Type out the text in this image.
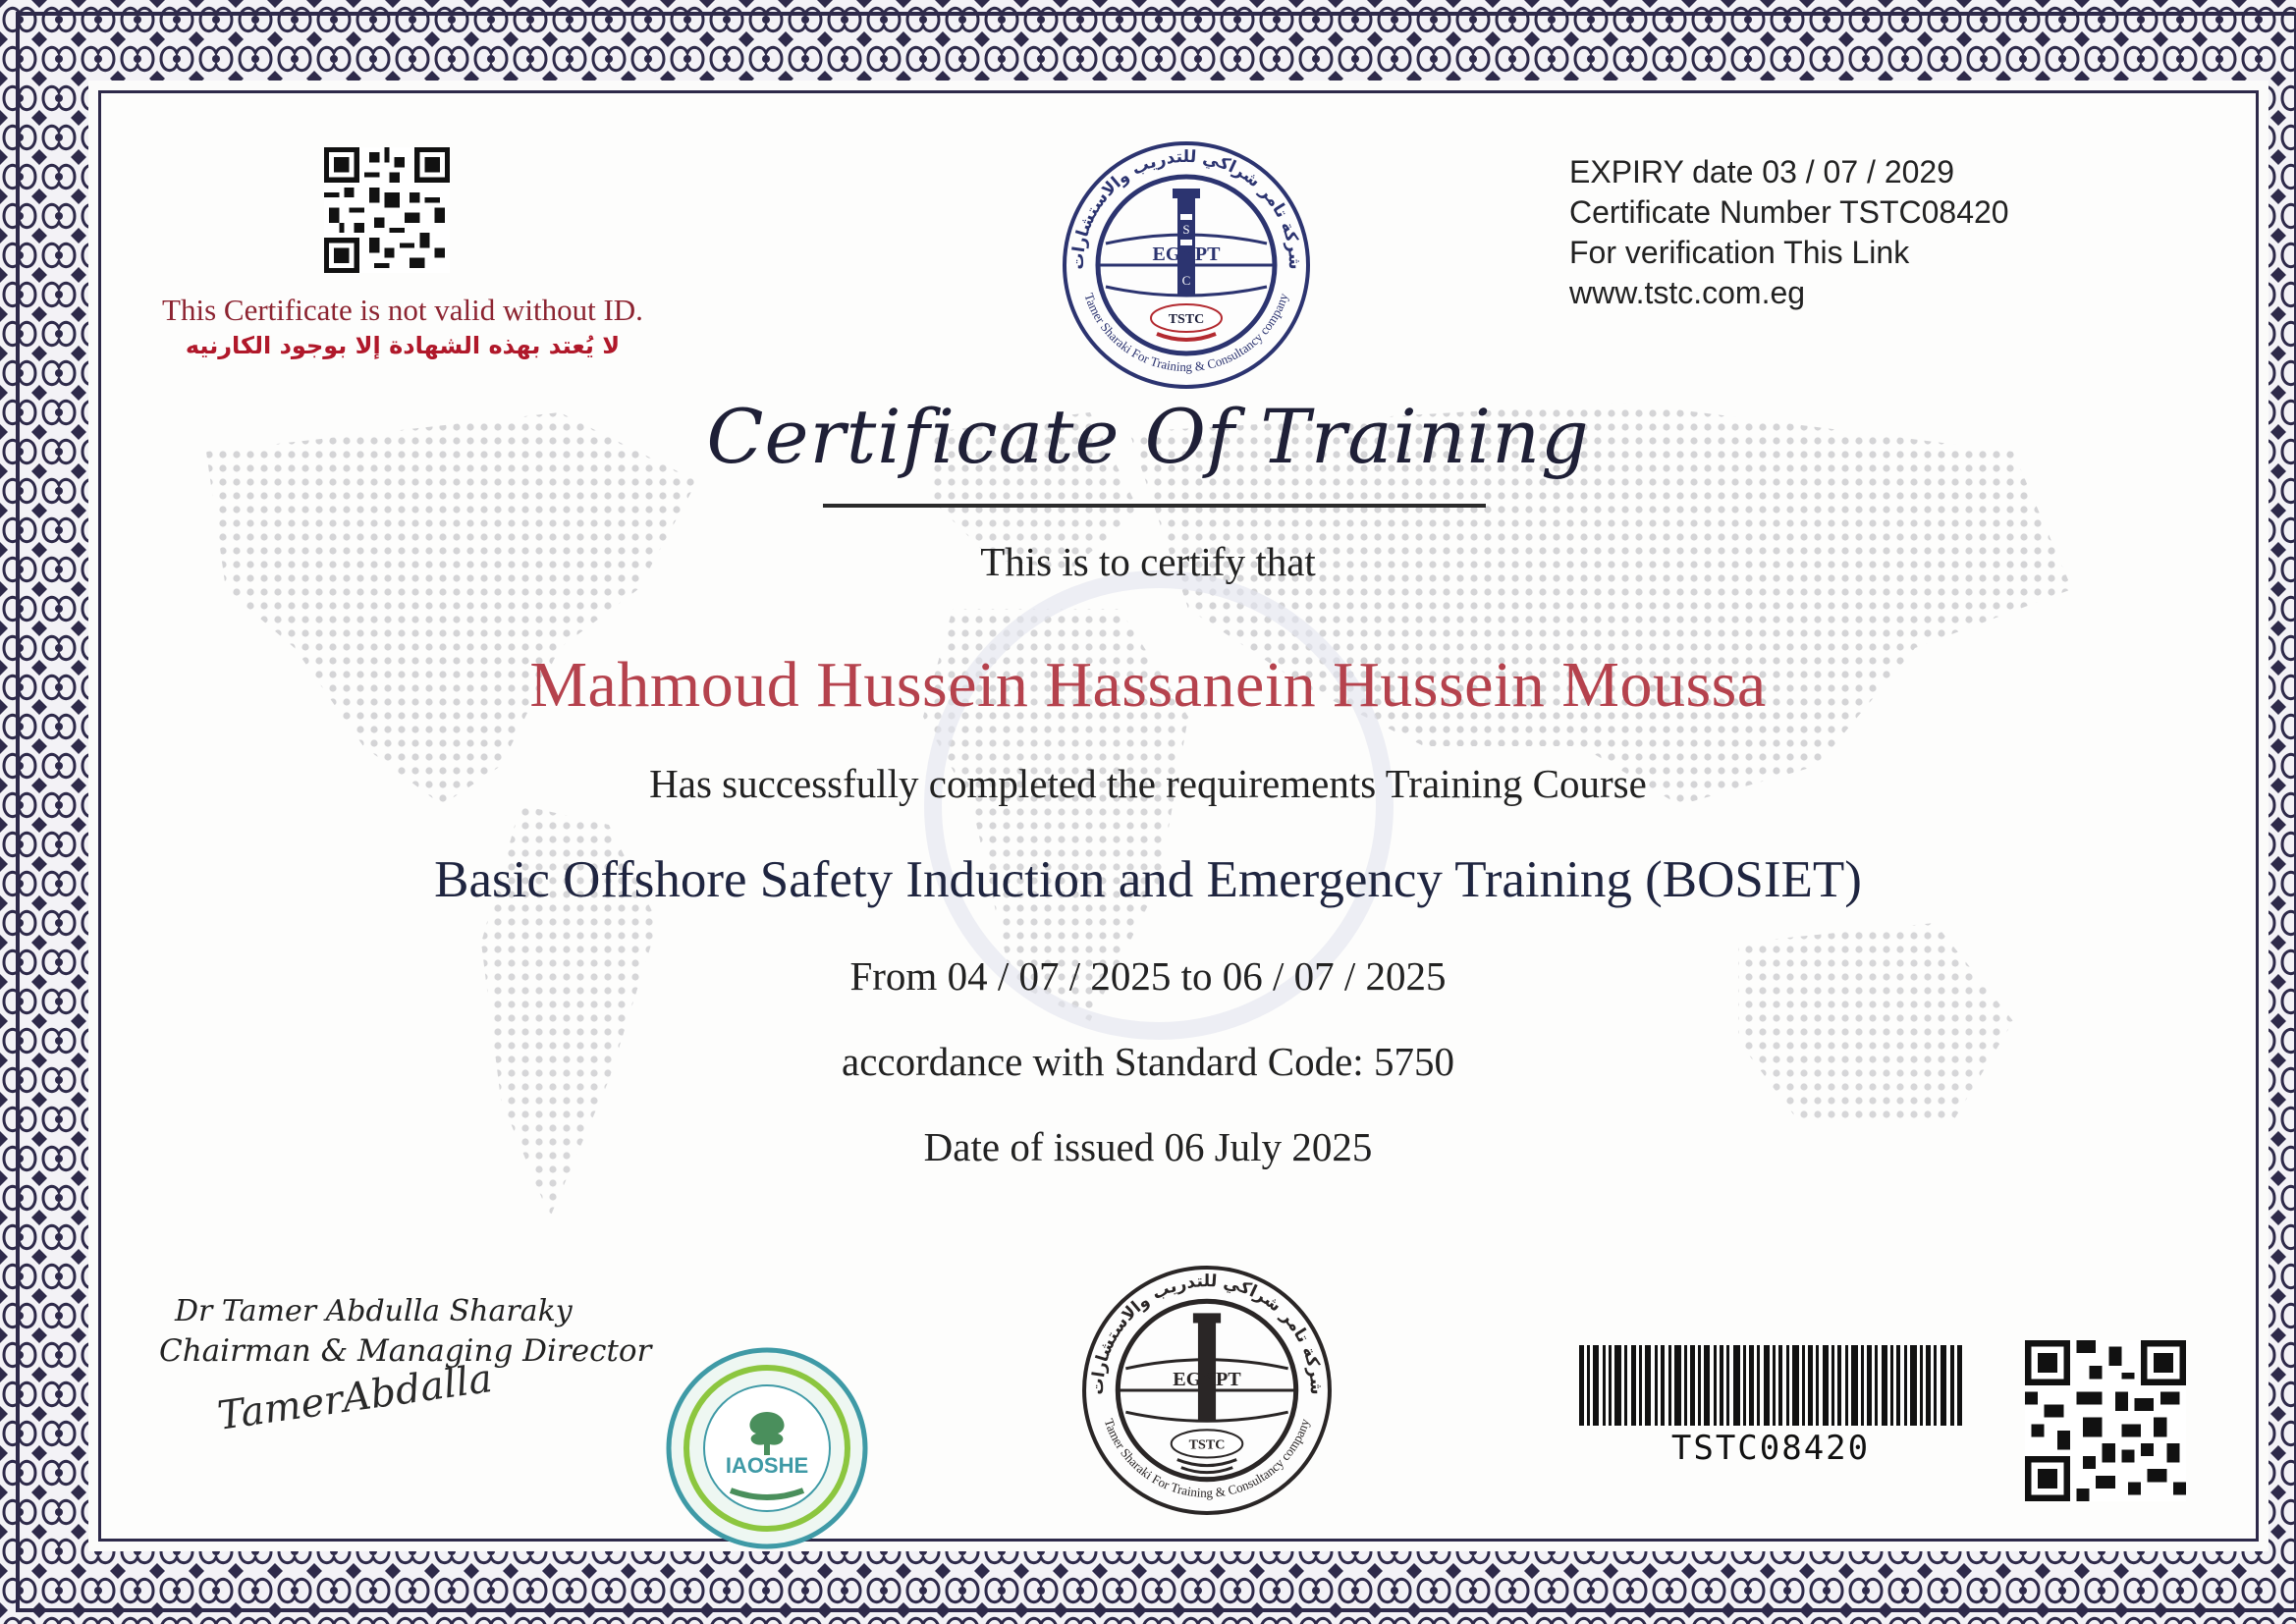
This Certificate is not valid without ID.
لا يُعتد بهذه الشهادة إلا بوجود الكارنيه
شركة تامر شراكي للتدريب والاستشارات
Tamer Sharaki For Training & Consultancy company
S
C
EGYPT
TSTC
EXPIRY date 03 / 07 / 2029
Certificate Number TSTC08420
For verification This Link
www.tstc.com.eg
Certificate Of Training
This is to certify that
Mahmoud Hussein Hassanein Hussein Moussa
Has successfully completed the requirements Training Course
Basic Offshore Safety Induction and Emergency Training (BOSIET)
From 04 / 07 / 2025 to 06 / 07 / 2025
accordance with Standard Code: 5750
Date of issued 06 July 2025
Dr Tamer Abdulla Sharaky
Chairman & Managing Director
TamerAbdalla
IAOSHE
شركة تامر شراكي للتدريب والاستشارات
Tamer Sharaki For Training & Consultancy company
EGYPT
TSTC	TSTC08420
